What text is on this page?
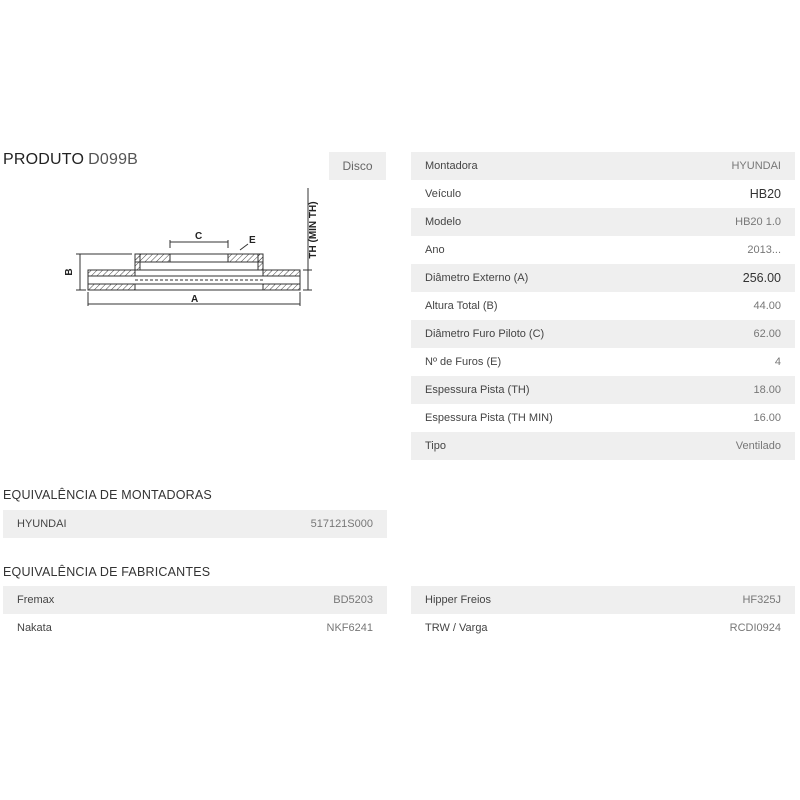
PRODUTO D099B	Disco
C	E
A
B
TH (MIN TH)
Montadora	HYUNDAI
Veículo	HB20
Modelo	HB20 1.0
Ano	2013...
Diâmetro Externo (A)	256.00
Altura Total (B)	44.00
Diâmetro Furo Piloto (C)	62.00
Nº de Furos (E)	4
Espessura Pista (TH)	18.00
Espessura Pista (TH MIN)	16.00
Tipo	Ventilado
EQUIVALÊNCIA DE MONTADORAS
HYUNDAI	517121S000
EQUIVALÊNCIA DE FABRICANTES
Fremax	BD5203
Nakata	NKF6241
Hipper Freios	HF325J
TRW / Varga	RCDI0924
